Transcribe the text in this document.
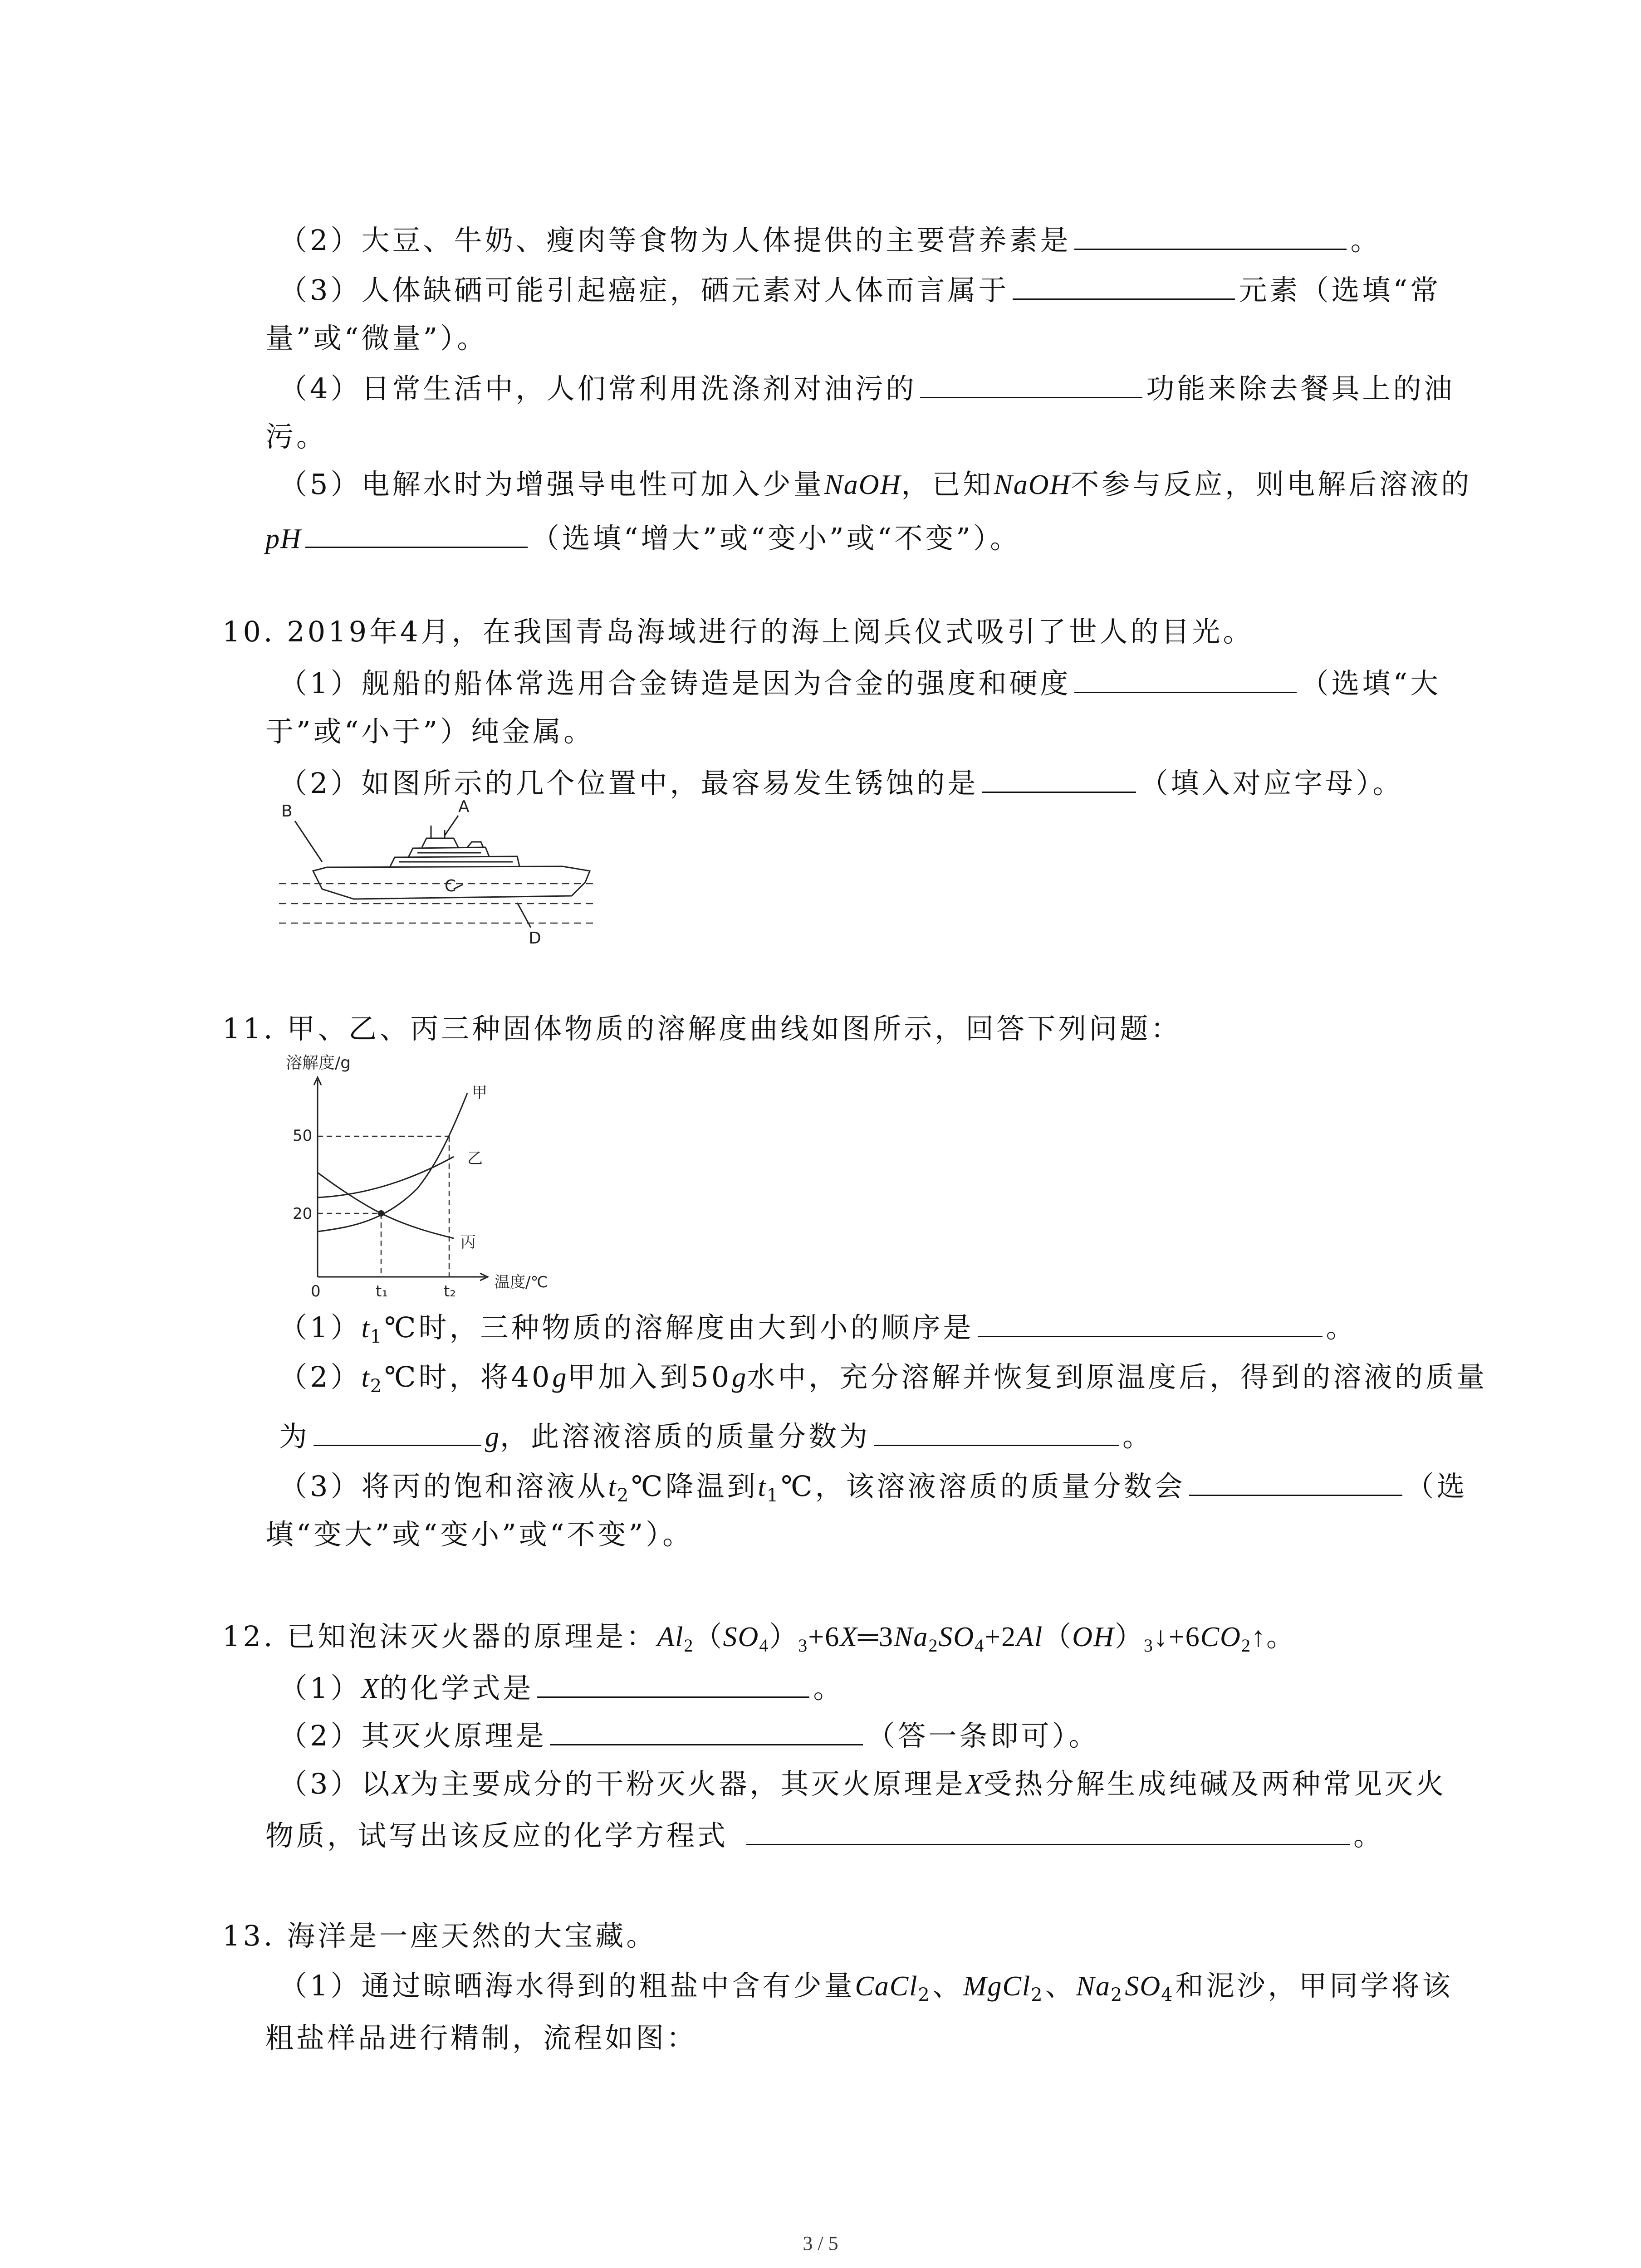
（2）大豆、牛奶、瘦肉等食物为人体提供的主要营养素是	。
（3）人体缺硒可能引起癌症，硒元素对人体而言属于	元素（选填“常
量”或“微量”）。
（4）日常生活中，人们常利用洗涤剂对油污的	功能来除去餐具上的油
污。
（5）电解水时为增强导电性可加入少量NaOH，已知NaOH不参与反应，则电解后溶液的
pH	（选填“增大”或“变小”或“不变”）。
10. 2019年4月，在我国青岛海域进行的海上阅兵仪式吸引了世人的目光。
（1）舰船的船体常选用合金铸造是因为合金的强度和硬度	（选填“大
于”或“小于”）纯金属。
（2）如图所示的几个位置中，最容易发生锈蚀的是	（填入对应字母）。
B	A
C
D
11. 甲、乙、丙三种固体物质的溶解度曲线如图所示，回答下列问题：
溶解度/g
甲
乙
丙
50
20
0	t₁	t₂	温度/℃
$(1)t_1℃$时，三种物质的溶解度由大到小的顺序是	。
$(2)t_2℃$时，将40g甲加入到50g水中，充分溶解并恢复到原温度后，得到的溶液的质量
为	g，此溶液溶质的质量分数为	。
（3）将丙的饱和溶液从$t_2℃$降温到$t_1℃$，该溶液溶质的质量分数会	（选
填“变大”或“变小”或“不变”）。
12. 已知泡沫灭火器的原理是：$Al_2(SO_4)_3+6X═3Na_2SO_4+2Al(OH)_3↓+6CO_2↑$。
（1）X的化学式是	。
（2）其灭火原理是	（答一条即可）。
（3）以X为主要成分的干粉灭火器，其灭火原理是X受热分解生成纯碱及两种常见灭火
物质，试写出该反应的化学方程式	。
13. 海洋是一座天然的大宝藏。
（1）通过晾晒海水得到的粗盐中含有少量CaCl$_2$、MgCl$_2$、$Na_2SO_4$和泥沙，甲同学将该
粗盐样品进行精制，流程如图：
3 / 5
